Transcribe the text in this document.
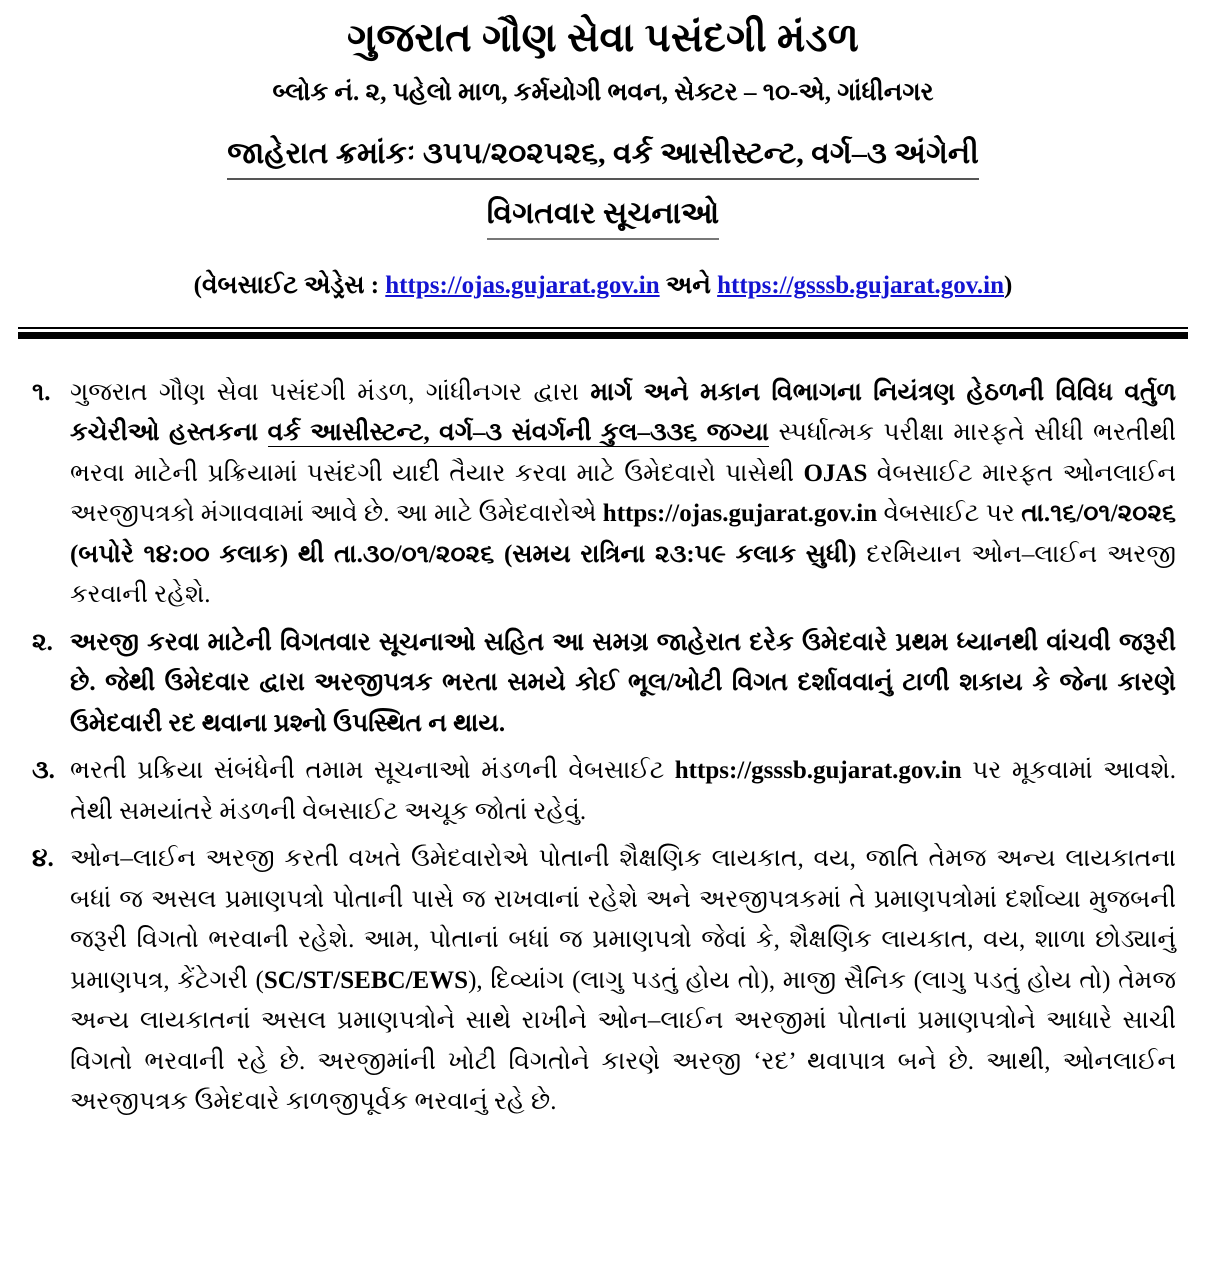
ગુજરાત ગૌણ સેવા પસંદગી મંડળ
બ્લોક નં. ૨, પહેલો માળ, કર્મયોગી ભવન, સેક્ટર – ૧૦-એ, ગાંધીનગર
જાહેરાત ક્રમાંકઃ ૩૫૫/૨૦૨૫૨૬, વર્ક આસીસ્ટન્ટ, વર્ગ–૩ અંગેની
વિગતવાર સૂચનાઓ
(વેબસાઈટ એડ્રેસ : https://ojas.gujarat.gov.in અને https://gsssb.gujarat.gov.in)
૧. ગુજરાત ગૌણ સેવા પસંદગી મંડળ, ગાંધીનગર દ્વારા માર્ગ અને મકાન વિભાગના નિયંત્રણ હેઠળની વિવિધ વર્તુળ કચેરીઓ હસ્તકના વર્ક આસીસ્ટન્ટ, વર્ગ–૩ સંવર્ગની કુલ–૩૩૬ જગ્યા સ્પર્ધાત્મક પરીક્ષા મારફતે સીધી ભરતીથી ભરવા માટેની પ્રક્રિયામાં પસંદગી યાદી તૈયાર કરવા માટે ઉમેદવારો પાસેથી OJAS વેબસાઈટ મારફત ઓનલાઈન અરજીપત્રકો મંગાવવામાં આવે છે. આ માટે ઉમેદવારોએ https://ojas.gujarat.gov.in વેબસાઈટ પર તા.૧૬/૦૧/૨૦૨૬ (બપોરે ૧૪:૦૦ કલાક) થી તા.૩૦/૦૧/૨૦૨૬ (સમય રાત્રિના ૨૩:૫૯ કલાક સુધી) દરમિયાન ઓન–લાઈન અરજી કરવાની રહેશે.
૨. અરજી કરવા માટેની વિગતવાર સૂચનાઓ સહિત આ સમગ્ર જાહેરાત દરેક ઉમેદવારે પ્રથમ ધ્યાનથી વાંચવી જરૂરી છે. જેથી ઉમેદવાર દ્વારા અરજીપત્રક ભરતા સમયે કોઈ ભૂલ/ખોટી વિગત દર્શાવવાનું ટાળી શકાય કે જેના કારણે ઉમેદવારી રદ થવાના પ્રશ્નો ઉપસ્થિત ન થાય.
૩. ભરતી પ્રક્રિયા સંબંધેની તમામ સૂચનાઓ મંડળની વેબસાઈટ https://gsssb.gujarat.gov.in પર મૂકવામાં આવશે. તેથી સમયાંતરે મંડળની વેબસાઈટ અચૂક જોતાં રહેવું.
૪. ઓન–લાઈન અરજી કરતી વખતે ઉમેદવારોએ પોતાની શૈક્ષણિક લાયકાત, વય, જાતિ તેમજ અન્ય લાયકાતના બધાં જ અસલ પ્રમાણપત્રો પોતાની પાસે જ રાખવાનાં રહેશે અને અરજીપત્રકમાં તે પ્રમાણપત્રોમાં દર્શાવ્યા મુજબની જરૂરી વિગતો ભરવાની રહેશે. આમ, પોતાનાં બધાં જ પ્રમાણપત્રો જેવાં કે, શૈક્ષણિક લાયકાત, વય, શાળા છોડ્યાનું પ્રમાણપત્ર, કેંટેગરી (SC/ST/SEBC/EWS), દિવ્યાંગ (લાગુ પડતું હોય તો), માજી સૈનિક (લાગુ પડતું હોય તો) તેમજ અન્ય લાયકાતનાં અસલ પ્રમાણપત્રોને સાથે રાખીને ઓન–લાઈન અરજીમાં પોતાનાં પ્રમાણપત્રોને આધારે સાચી વિગતો ભરવાની રહે છે. અરજીમાંની ખોટી વિગતોને કારણે અરજી ‘રદ’ થવાપાત્ર બને છે. આથી, ઓનલાઈન અરજીપત્રક ઉમેદવારે કાળજીપૂર્વક ભરવાનું રહે છે.
